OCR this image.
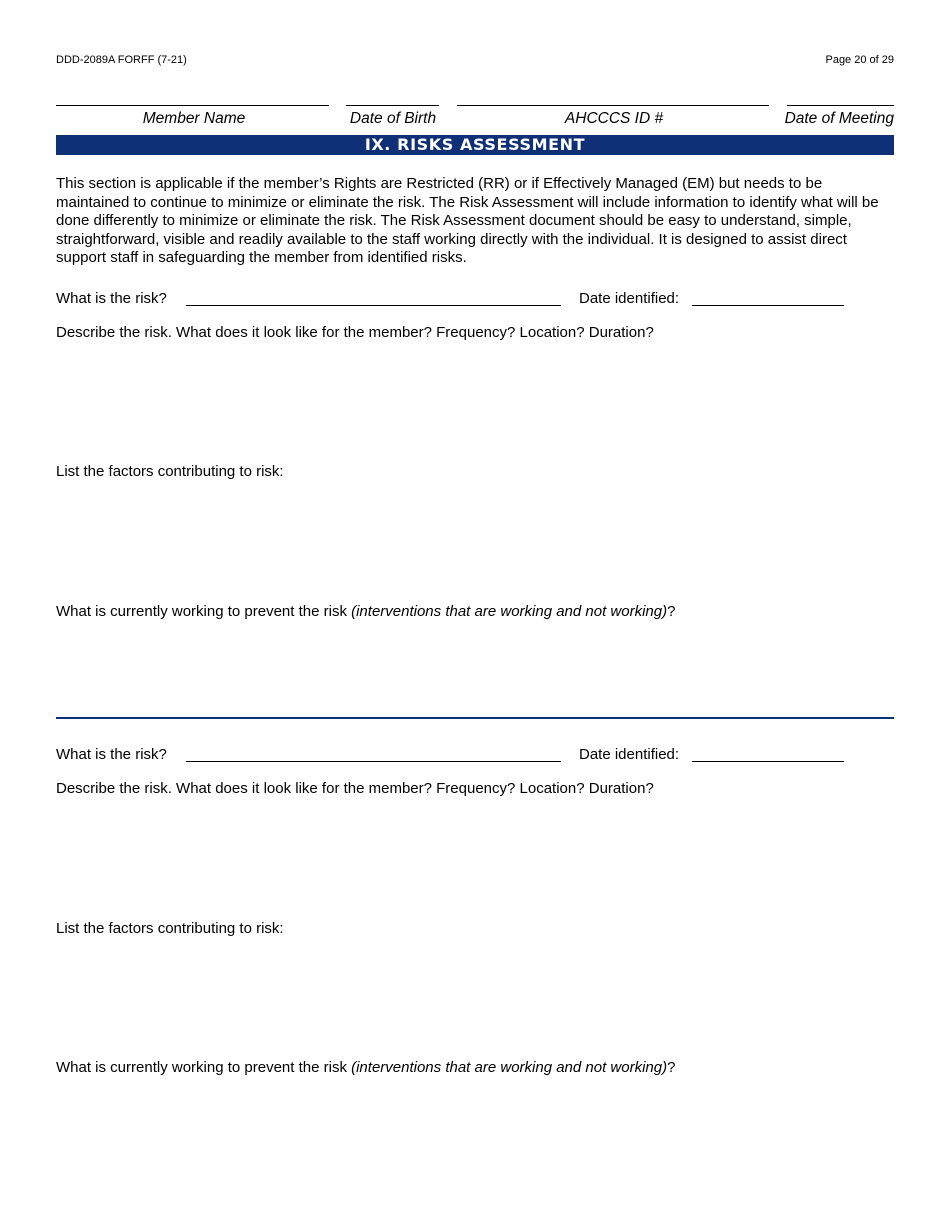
DDD-2089A FORFF (7-21)	Page 20 of 29
Member Name	Date of Birth	AHCCCS ID #	Date of Meeting
IX. RISKS ASSESSMENT
This section is applicable if the member’s Rights are Restricted (RR) or if Effectively Managed (EM) but needs to be maintained to continue to minimize or eliminate the risk. The Risk Assessment will include information to identify what will be done differently to minimize or eliminate the risk. The Risk Assessment document should be easy to understand, simple, straightforward, visible and readily available to the staff working directly with the individual. It is designed to assist direct support staff in safeguarding the member from identified risks.
What is the risk?	Date identified:
Describe the risk. What does it look like for the member? Frequency? Location? Duration?
List the factors contributing to risk:
What is currently working to prevent the risk (interventions that are working and not working)?
What is the risk?	Date identified:
Describe the risk. What does it look like for the member? Frequency? Location? Duration?
List the factors contributing to risk:
What is currently working to prevent the risk (interventions that are working and not working)?
